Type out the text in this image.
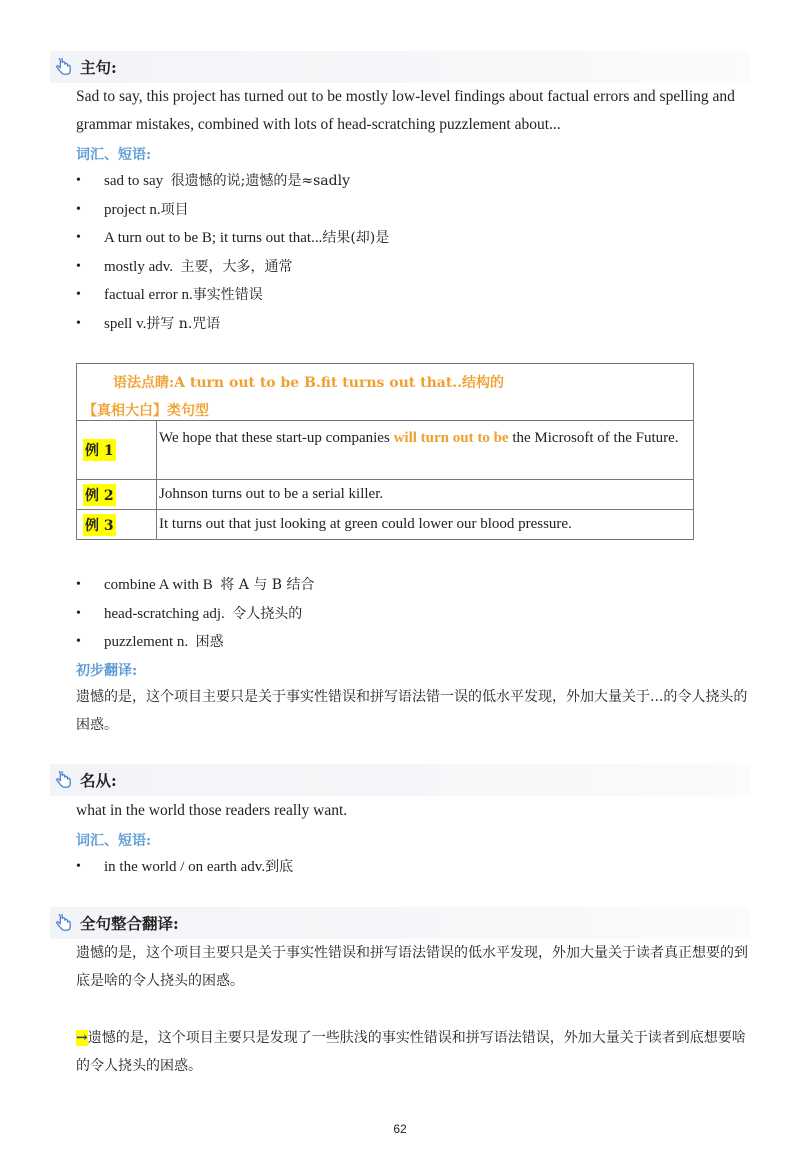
主句:
Sad to say, this project has turned out to be mostly low-level findings about factual errors and spelling and grammar mistakes, combined with lots of head-scratching puzzlement about...
词汇、短语:
• sad to say 很遗憾的说;遗憾的是≈sadly
• project n.项目
• A turn out to be B; it turns out that...结果(却)是
• mostly adv. 主要，大多，通常
• factual error n.事实性错误
• spell v.拼写 n.咒语
语法点睛:A turn out to be B.fit turns out that..结构的
【真相大白】类句型
例 1
We hope that these start-up companies will turn out to be the Microsoft of the Future.
例 2	Johnson turns out to be a serial killer.
例 3	It turns out that just looking at green could lower our blood pressure.
• combine A with B 将 A 与 B 结合
• head-scratching adj. 令人挠头的
• puzzlement n. 困惑
初步翻译:
遗憾的是，这个项目主要只是关于事实性错误和拼写语法错一误的低水平发现，外加大量关于...的令人挠头的困惑。
名从:
what in the world those readers really want.
词汇、短语:
• in the world / on earth adv.到底
全句整合翻译:
遗憾的是，这个项目主要只是关于事实性错误和拼写语法错误的低水平发现，外加大量关于读者真正想要的到底是啥的令人挠头的困惑。
→遗憾的是，这个项目主要只是发现了一些肤浅的事实性错误和拼写语法错误，外加大量关于读者到底想要啥的令人挠头的困惑。
62
